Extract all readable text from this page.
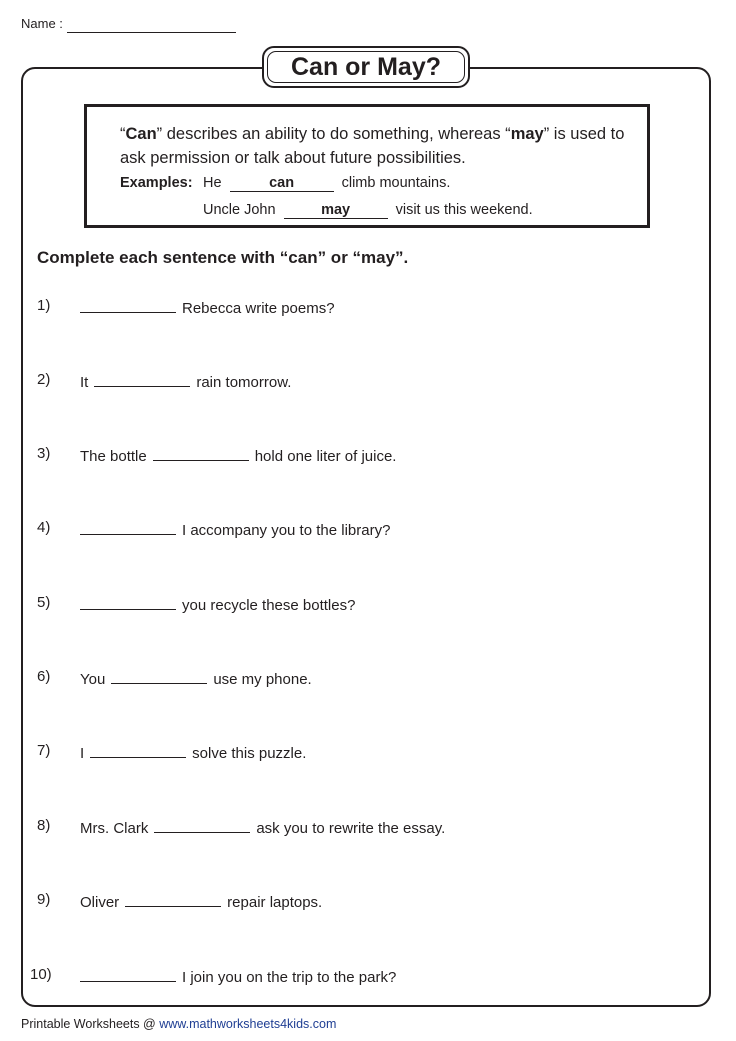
Name :
Can or May?
“Can” describes an ability to do something, whereas “may” is used to ask permission or talk about future possibilities.
Examples: He	can	climb mountains.
Uncle John	may	visit us this weekend.
Complete each sentence with “can” or “may”.
1)	Rebecca write poems?
2) It	rain tomorrow.
3) The bottle	hold one liter of juice.
4)	I accompany you to the library?
5)	you recycle these bottles?
6) You	use my phone.
7) I	solve this puzzle.
8) Mrs. Clark	ask you to rewrite the essay.
9) Oliver	repair laptops.
10)	I join you on the trip to the park?
Printable Worksheets @ www.mathworksheets4kids.com
